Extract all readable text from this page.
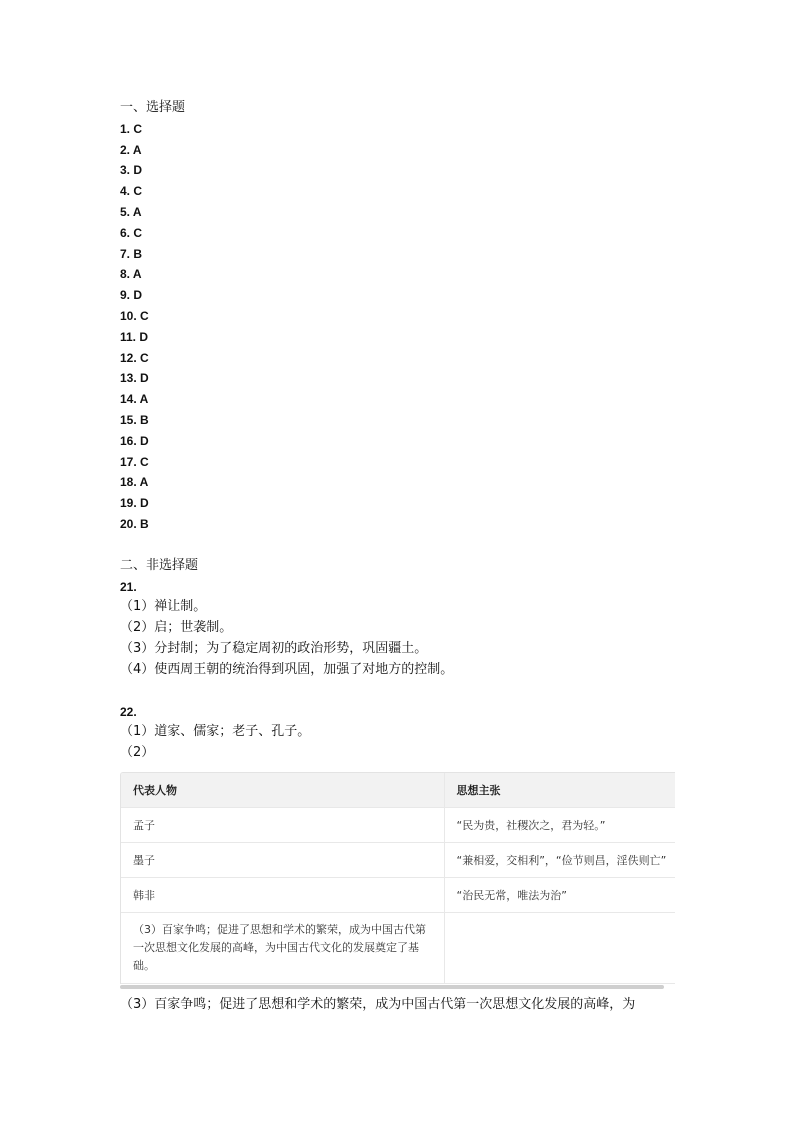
一、选择题
1. C
2. A
3. D
4. C
5. A
6. C
7. B
8. A
9. D
10. C
11. D
12. C
13. D
14. A
15. B
16. D
17. C
18. A
19. D
20. B
二、非选择题
21.
（1）禅让制。
（2）启；世袭制。
（3）分封制；为了稳定周初的政治形势，巩固疆土。
（4）使西周王朝的统治得到巩固，加强了对地方的控制。
22.
（1）道家、儒家；老子、孔子。
（2）
代表人物	思想主张
孟子	“民为贵，社稷次之，君为轻。”
墨子	“兼相爱，交相利”，“俭节则昌，淫佚则亡”
韩非	“治民无常，唯法为治”
（3）百家争鸣；促进了思想和学术的繁荣，成为中国古代第一次思想文化发展的高峰，为中国古代文化的发展奠定了基础。	
（3）百家争鸣；促进了思想和学术的繁荣，成为中国古代第一次思想文化发展的高峰，为
